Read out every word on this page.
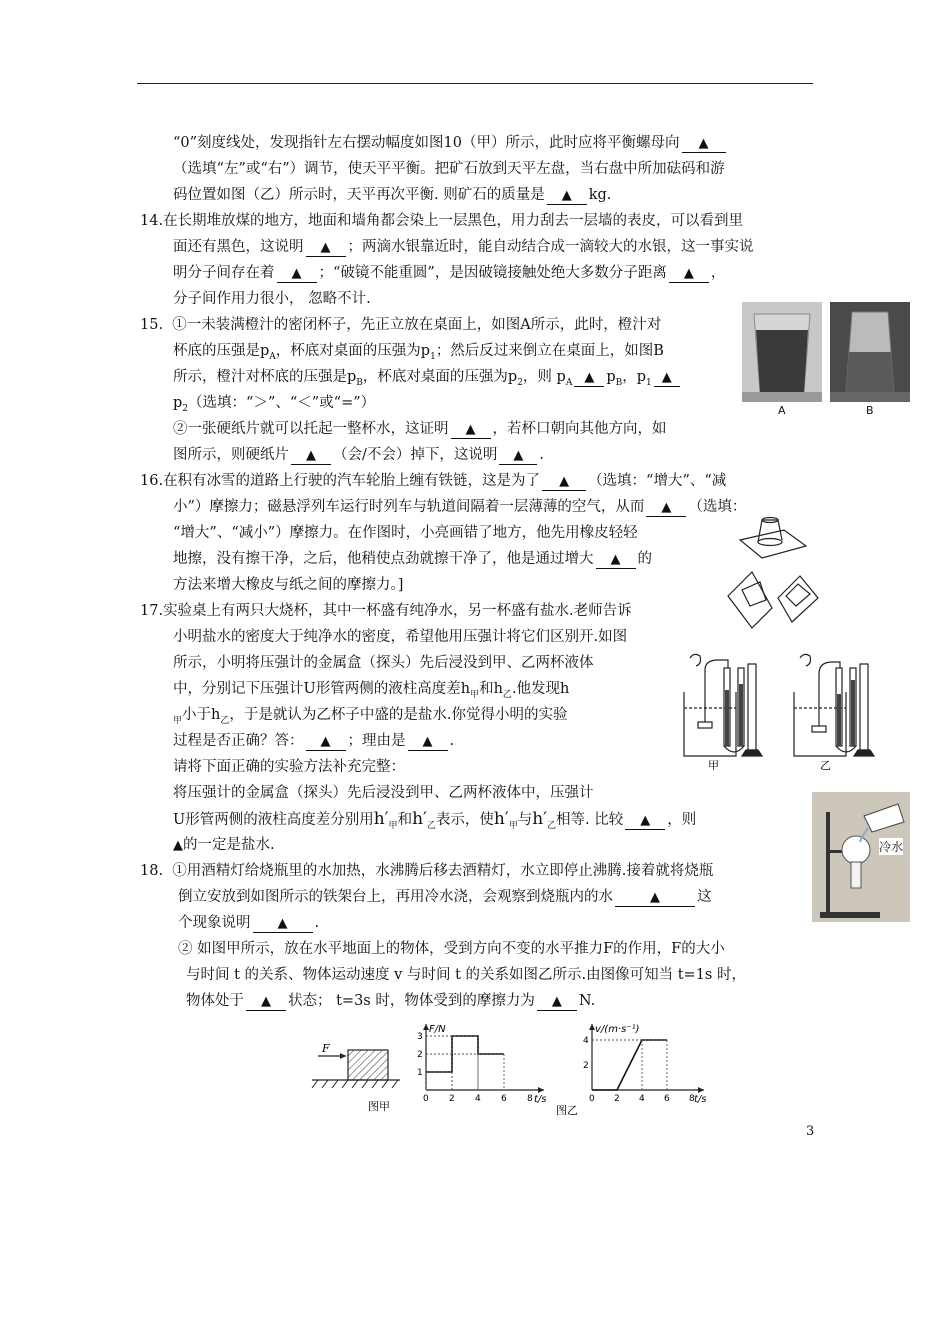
“0”刻度线处，发现指针左右摆动幅度如图10（甲）所示，此时应将平衡螺母向 ▲
（选填“左”或“右”）调节，使天平平衡。把矿石放到天平左盘，当右盘中所加砝码和游
码位置如图（乙）所示时，天平再次平衡. 则矿石的质量是 ▲ kg.
14.在长期堆放煤的地方，地面和墙角都会染上一层黑色，用力刮去一层墙的表皮，可以看到里
面还有黑色，这说明 ▲ ；两滴水银靠近时，能自动结合成一滴较大的水银，这一事实说
明分子间存在着 ▲ ；“破镜不能重圆”，是因破镜接触处绝大多数分子距离 ▲ ，
分子间作用力很小， 忽略不计.
15. ①一未装满橙汁的密闭杯子，先正立放在桌面上，如图A所示，此时，橙汁对
杯底的压强是$p_A$，杯底对桌面的压强为$p_1$；然后反过来倒立在桌面上，如图B
所示，橙汁对杯底的压强是$p_B$，杯底对桌面的压强为$p_2$，则 $p_A$ ▲ $p_B$，$p_1$ ▲
$p_2$（选填：“＞”、“＜”或“=”）
②一张硬纸片就可以托起一整杯水，这证明 ▲ ，若杯口朝向其他方向，如
图所示，则硬纸片 ▲ （会/不会）掉下，这说明 ▲ .
A	B
16.在积有冰雪的道路上行驶的汽车轮胎上缠有铁链，这是为了 ▲ （选填：“增大”、“减
小”）摩擦力；磁悬浮列车运行时列车与轨道间隔着一层薄薄的空气，从而 ▲ （选填：
“增大”、“减小”）摩擦力。在作图时，小亮画错了地方，他先用橡皮轻轻
地擦，没有擦干净，之后，他稍使点劲就擦干净了，他是通过增大 ▲ 的
方法来增大橡皮与纸之间的摩擦力。]
17.实验桌上有两只大烧杯，其中一杯盛有纯净水，另一杯盛有盐水.老师告诉
小明盐水的密度大于纯净水的密度，希望他用压强计将它们区别开.如图
所示，小明将压强计的金属盒（探头）先后浸没到甲、乙两杯液体
中，分别记下压强计U形管两侧的液柱高度差$h_甲$和$h_乙$.他发现h
$_甲$小于$h_乙$，于是就认为乙杯子中盛的是盐水.你觉得小明的实验
过程是否正确？答： ▲ ；理由是 ▲ .
请将下面正确的实验方法补充完整：
将压强计的金属盒（探头）先后浸没到甲、乙两杯液体中，压强计
U形管两侧的液柱高度差分别用$h'_甲$和$h'_乙$表示，使$h'_甲$与$h'_乙$相等. 比较 ▲ ，则
▲的一定是盐水.
甲	乙
18. ①用酒精灯给烧瓶里的水加热，水沸腾后移去酒精灯，水立即停止沸腾.接着就将烧瓶
倒立安放到如图所示的铁架台上，再用冷水浇，会观察到烧瓶内的水	▲	这
个现象说明 ▲ .
② 如图甲所示，放在水平地面上的物体，受到方向不变的水平推力F的作用，F的大小
与时间 t 的关系、物体运动速度 v 与时间 t 的关系如图乙所示.由图像可知当 t=1s 时，
物体处于 ▲ 状态； t=3s 时，物体受到的摩擦力为 ▲ N.
冷水
F
图甲
F/N
t/s
0 2 4 6 8
1
2
3
v/(m·s⁻¹)
t/s
图乙
0 2 4 6 8
2
4
3
